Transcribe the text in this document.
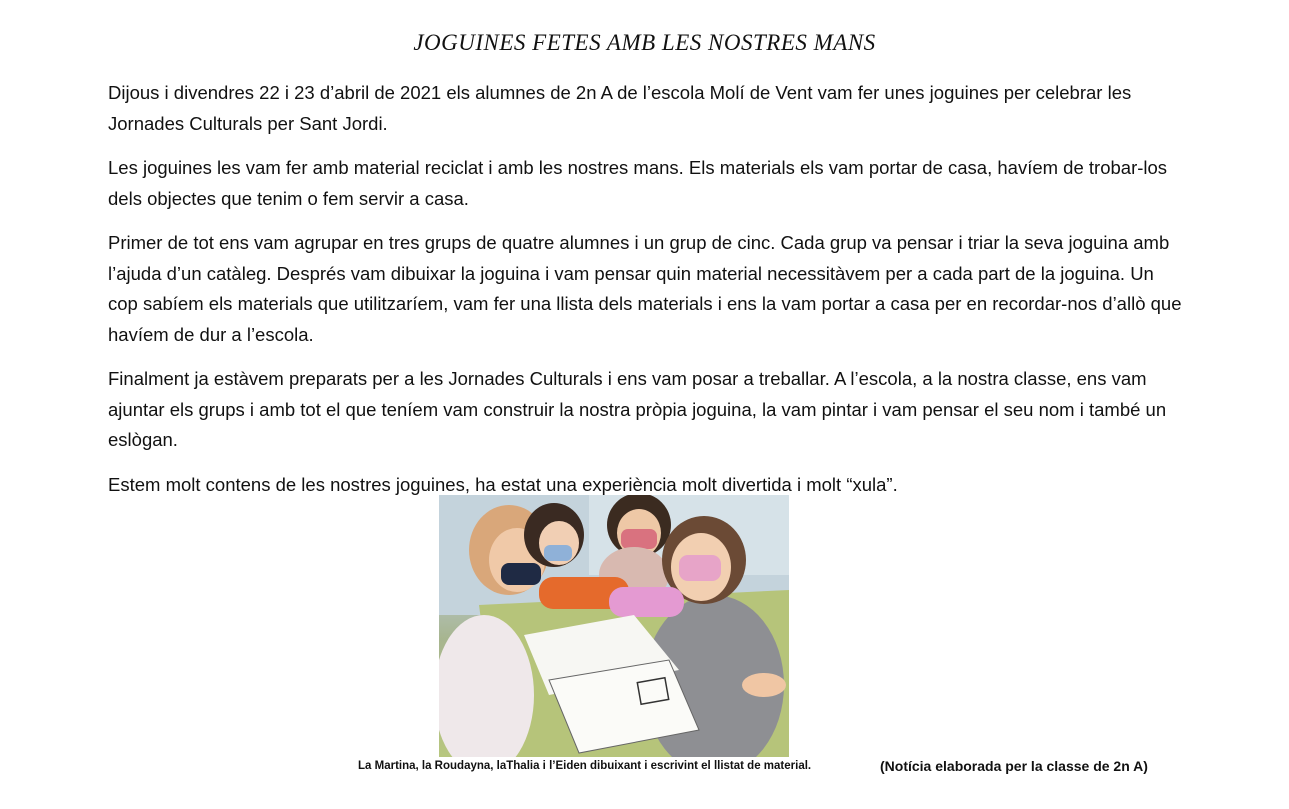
JOGUINES FETES AMB LES NOSTRES MANS

Dijous i divendres 22 i 23 d’abril de 2021 els alumnes de 2n A de l’escola Molí de Vent vam fer unes joguines per celebrar les Jornades Culturals per Sant Jordi.

Les joguines les vam fer amb material reciclat i amb les nostres mans. Els materials els vam portar de casa, havíem de trobar-los dels objectes que tenim o fem servir a casa.

Primer de tot ens vam agrupar en tres grups de quatre alumnes i un grup de cinc. Cada grup va pensar i triar la seva joguina amb l’ajuda d’un catàleg. Després vam dibuixar la joguina i vam pensar quin material necessitàvem per a cada part de la joguina. Un cop sabíem els materials que utilitzaríem, vam fer una llista dels materials i ens la vam portar a casa per en recordar-nos d’allò que havíem de dur a l’escola.

Finalment ja estàvem preparats per a les Jornades Culturals i ens vam posar a treballar. A l’escola, a la nostra classe, ens vam ajuntar els grups i amb tot el que teníem vam construir la nostra pròpia joguina, la vam pintar i vam pensar el seu nom i també un eslògan.

Estem molt contens de les nostres joguines, ha estat una experiència molt divertida i molt “xula”.

La Martina, la Roudayna, laThalia i l’Eiden dibuixant i escrivint el llistat de material.	(Notícia elaborada per la classe de 2n A)
